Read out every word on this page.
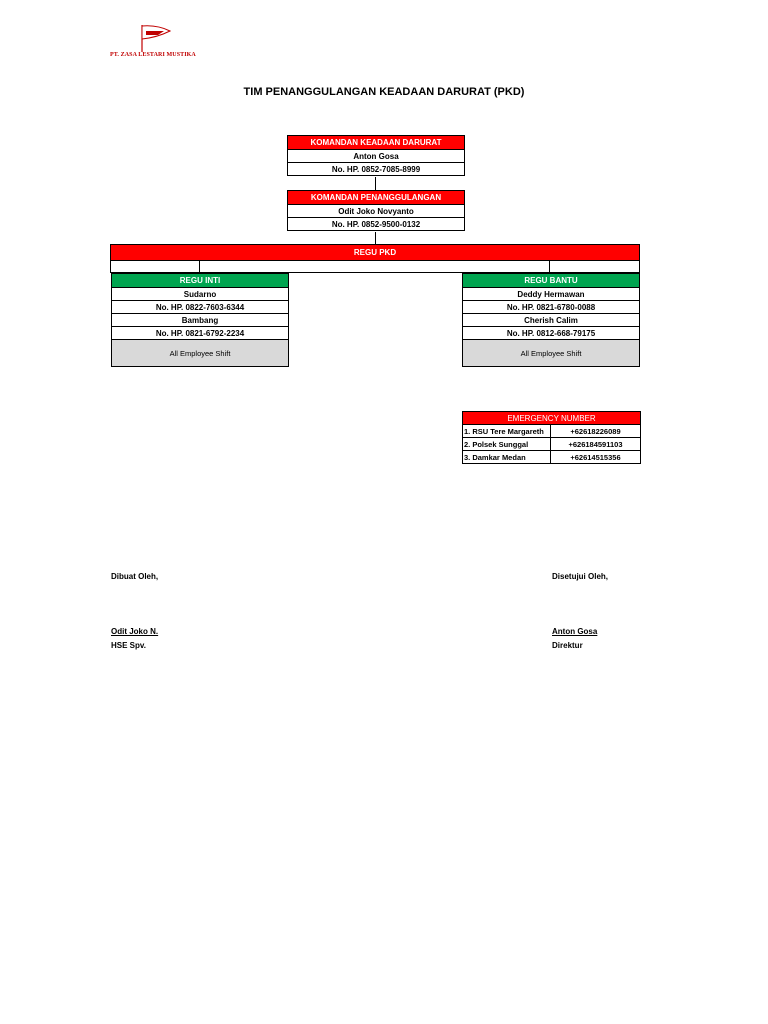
PT. ZASA LESTARI MUSTIKA
TIM PENANGGULANGAN KEADAAN DARURAT (PKD)
KOMANDAN KEADAAN DARURAT
Anton Gosa
No. HP. 0852-7085-8999
KOMANDAN PENANGGULANGAN
Odit Joko Novyanto
No. HP. 0852-9500-0132
REGU PKD
REGU INTI
Sudarno
No. HP. 0822-7603-6344
Bambang
No. HP. 0821-6792-2234
All Employee Shift
REGU BANTU
Deddy Hermawan
No. HP. 0821-6780-0088
Cherish Calim
No. HP. 0812-668-79175
All Employee Shift
EMERGENCY NUMBER	
1. RSU Tere Margareth	+62618226089
2. Polsek Sunggal	+626184591103
3. Damkar Medan	+62614515356
Dibuat Oleh,
Odit Joko N.
HSE Spv.
Disetujui Oleh,
Anton Gosa
Direktur
